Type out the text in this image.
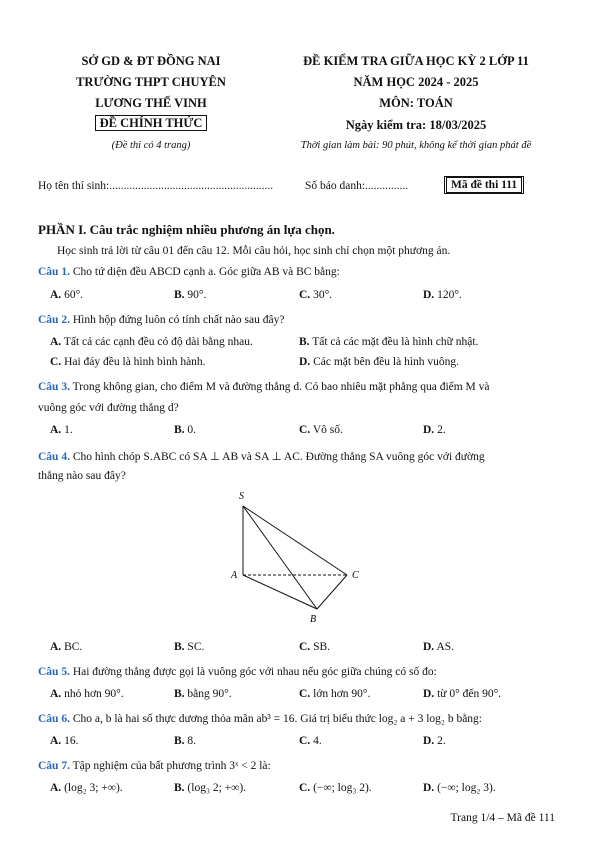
SỞ GD & ĐT ĐỒNG NAI
TRƯỜNG THPT CHUYÊN
LƯƠNG THẾ VINH
ĐỀ CHÍNH THỨC
(Đề thi có 4 trang)
ĐỀ KIỂM TRA GIỮA HỌC KỲ 2 LỚP 11
NĂM HỌC 2024 - 2025
MÔN: TOÁN
Ngày kiểm tra: 18/03/2025
Thời gian làm bài: 90 phút, không kể thời gian phát đề
Họ tên thí sinh:.........................................................	Số báo danh:...............	Mã đề thi 111
PHẦN I. Câu trắc nghiệm nhiều phương án lựa chọn.
Học sinh trả lời từ câu 01 đến câu 12. Mỗi câu hỏi, học sinh chỉ chọn một phương án.
Câu 1. Cho tứ diện đều ABCD cạnh a. Góc giữa AB và BC bằng:
A. 60°.	B. 90°.	C. 30°.	D. 120°.
Câu 2. Hình hộp đứng luôn có tính chất nào sau đây?
A. Tất cả các cạnh đều có độ dài bằng nhau.	B. Tất cả các mặt đều là hình chữ nhật.
C. Hai đáy đều là hình bình hành.	D. Các mặt bên đều là hình vuông.
Câu 3. Trong không gian, cho điểm M và đường thẳng d. Có bao nhiêu mặt phẳng qua điểm M và
vuông góc với đường thẳng d?
A. 1.	B. 0.	C. Vô số.	D. 2.
Câu 4. Cho hình chóp S.ABC có SA ⊥ AB và SA ⊥ AC. Đường thẳng SA vuông góc với đường
thẳng nào sau đây?
S
A	C
B
A. BC.	B. SC.	C. SB.	D. AS.
Câu 5. Hai đường thẳng được gọi là vuông góc với nhau nếu góc giữa chúng có số đo:
A. nhỏ hơn 90°.	B. bằng 90°.	C. lớn hơn 90°.	D. từ 0° đến 90°.
Câu 6. Cho a, b là hai số thực dương thỏa mãn ab³ = 16. Giá trị biểu thức log₂ a + 3 log₂ b bằng:
A. 16.	B. 8.	C. 4.	D. 2.
Câu 7. Tập nghiệm của bất phương trình 3ˣ < 2 là:
A. (log₂ 3; +∞).	B. (log₃ 2; +∞).	C. (−∞; log₃ 2).	D. (−∞; log₂ 3).
Trang 1/4 – Mã đề 111
